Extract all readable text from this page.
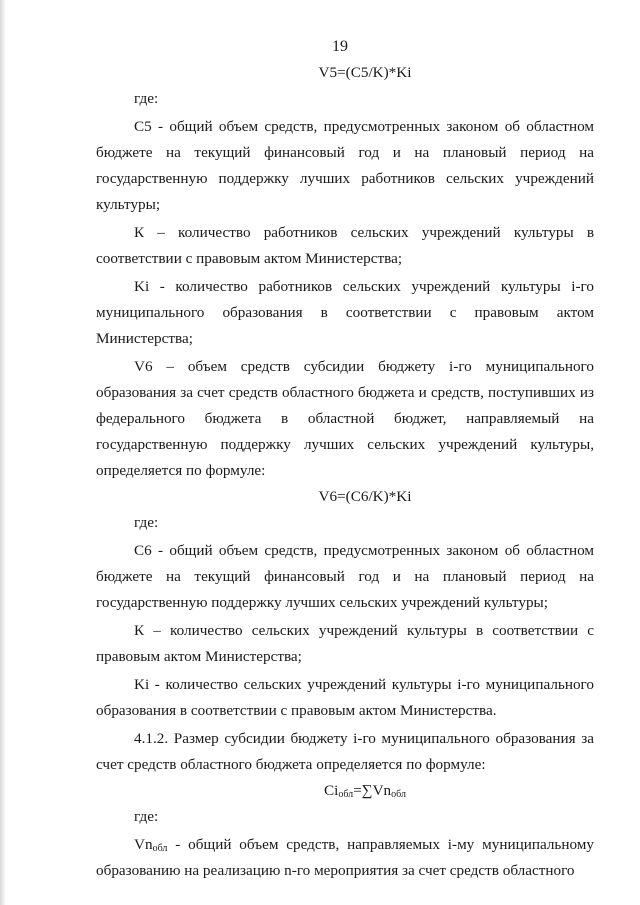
19
V5=(C5/K)*Ki

где:

С5 - общий объем средств, предусмотренных законом об областном бюджете на текущий финансовый год и на плановый период на государственную поддержку лучших работников сельских учреждений культуры;

К – количество работников сельских учреждений культуры в соответствии с правовым актом Министерства;

Ki - количество работников сельских учреждений культуры i-го муниципального образования в соответствии с правовым актом Министерства;

V6 – объем средств субсидии бюджету i-го муниципального образования за счет средств областного бюджета и средств, поступивших из федерального бюджета в областной бюджет, направляемый на государственную поддержку лучших сельских учреждений культуры, определяется по формуле:

V6=(C6/K)*Ki

где:

С6 - общий объем средств, предусмотренных законом об областном бюджете на текущий финансовый год и на плановый период на государственную поддержку лучших сельских учреждений культуры;

К – количество сельских учреждений культуры в соответствии с правовым актом Министерства;

Ki - количество сельских учреждений культуры i-го муниципального образования в соответствии с правовым актом Министерства.

4.1.2. Размер субсидии бюджету i-го муниципального образования за счет средств областного бюджета определяется по формуле:

$Ci_{обл}=\sum Vn_{обл}$

где:

$Vn_{обл}$ - общий объем средств, направляемых i-му муниципальному образованию на реализацию n-го мероприятия за счет средств областного
